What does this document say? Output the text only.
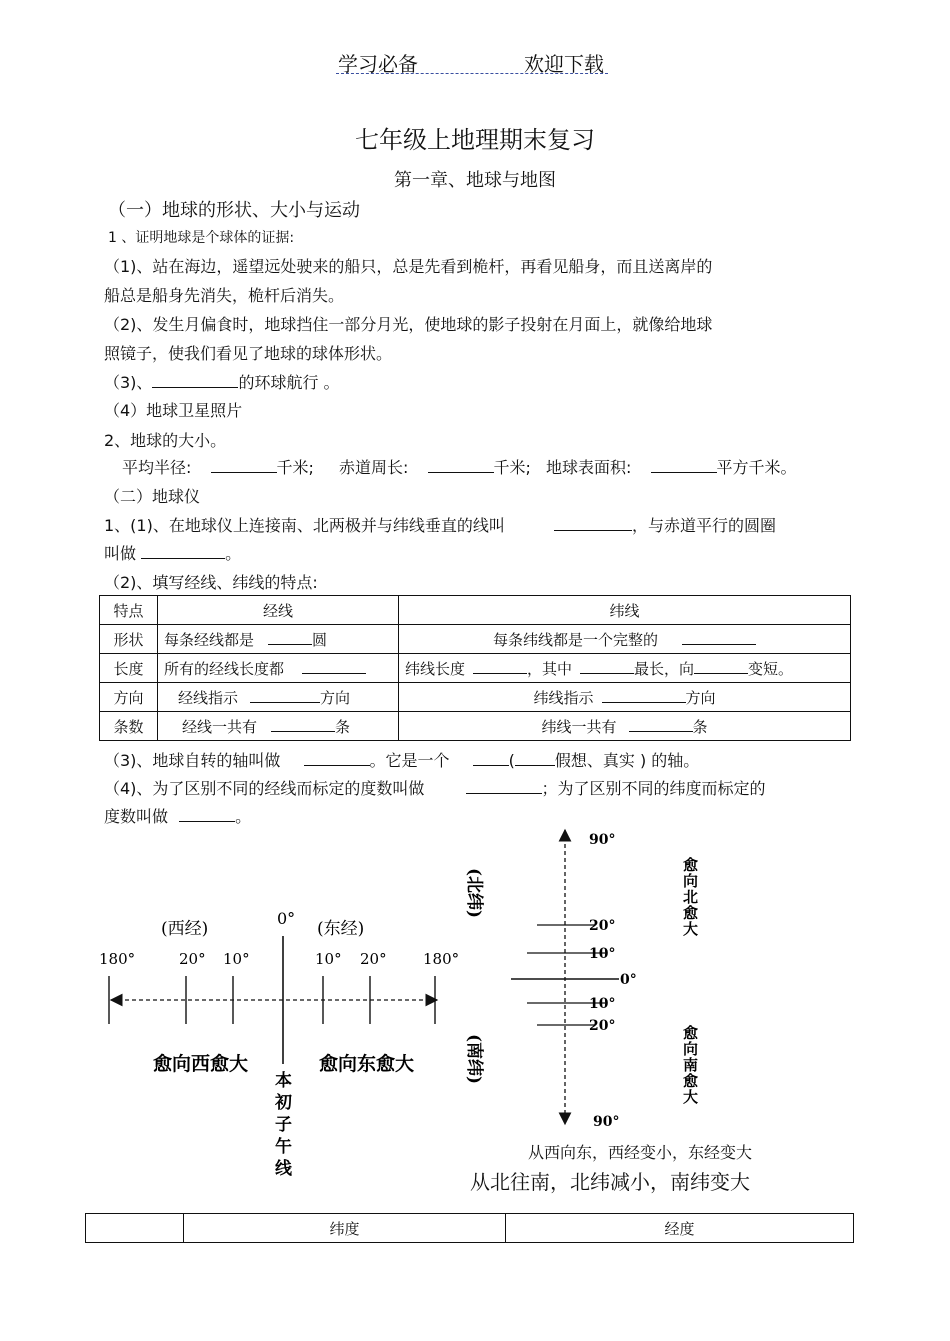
学习必备	欢迎下载
七年级上地理期末复习
第一章、地球与地图
（一）地球的形状、大小与运动
1 、证明地球是个球体的证据:
（1)、站在海边，遥望远处驶来的船只，总是先看到桅杆，再看见船身，而且送离岸的
船总是船身先消失，桅杆后消失。
（2)、发生月偏食时，地球挡住一部分月光，使地球的影子投射在月面上，就像给地球
照镜子，使我们看见了地球的球体形状。
（3)、	的环球航行 。
（4）地球卫星照片
2、地球的大小。
平均半径:	千米; 赤道周长:	千米; 地球表面积:	平方千米。
（二）地球仪
1、(1)、在地球仪上连接南、北两极并与纬线垂直的线叫	，与赤道平行的圆圈
叫做	。
（2)、填写经线、纬线的特点:
特点	经线	纬线
形状	每条经线都是 圆	每条纬线都是一个完整的
长度	所有的经线长度都	纬线长度 ，其中 最长，向 变短。
方向	经线指示 方向	纬线指示 方向
条数	经线一共有 条	纬线一共有 条
（3)、地球自转的轴叫做	。它是一个	(	假想、真实 ) 的轴。
（4)、为了区别不同的经线而标定的度数叫做	；为了区别不同的纬度而标定的
度数叫做	。
(西经)	(东经)
0°
180°	20° 10°	10° 20° 180°
愈向西愈大	愈向东愈大
本
初
子
午
线
90°
90°
20°
10°
0°
10°
20°
(北纬)
(南纬)
愈
向
北
愈
大
愈
向
南
愈
大
从西向东，西经变小，东经变大
从北往南，北纬减小，南纬变大
	纬度	经度
